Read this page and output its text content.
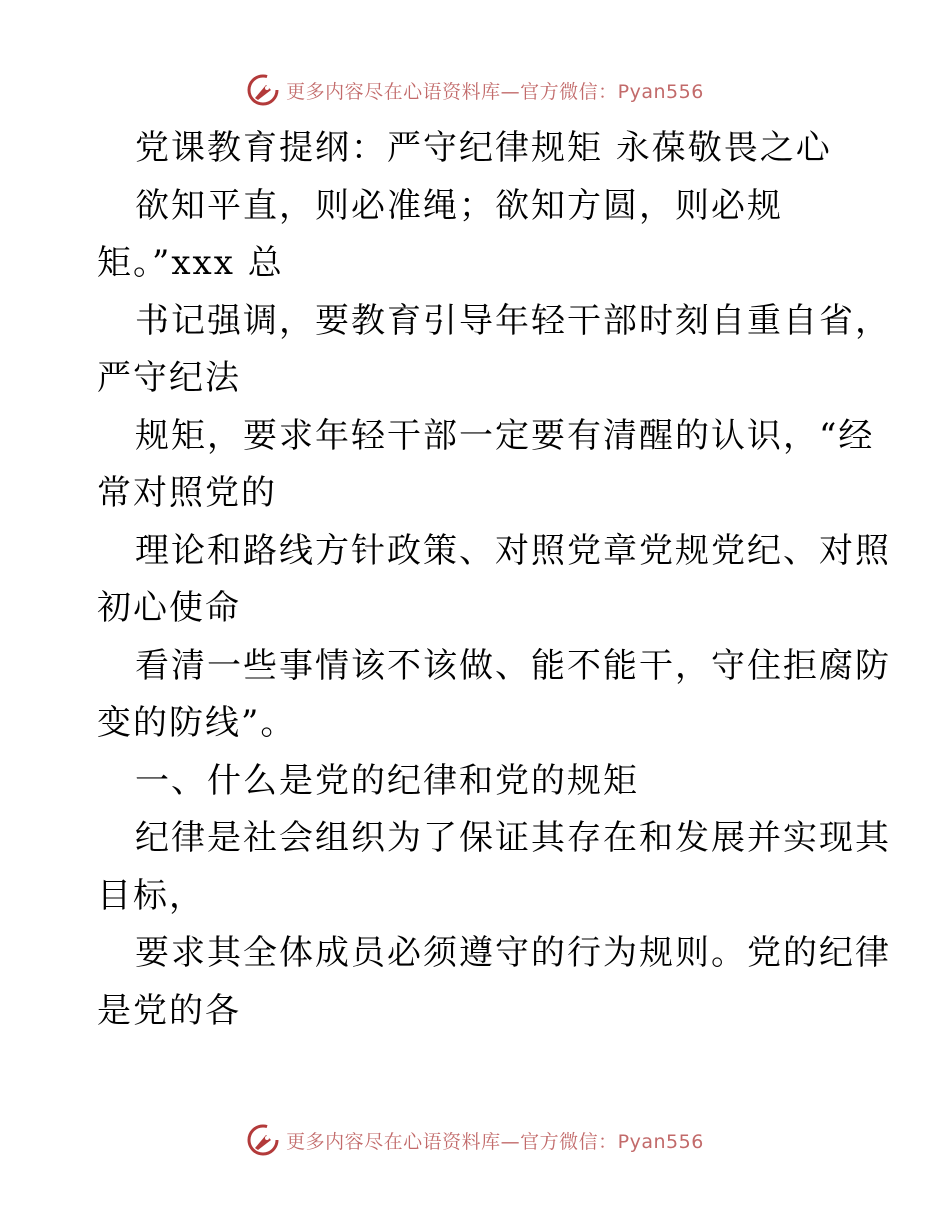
更多内容尽在心语资料库—官方微信：Pyan556
党课教育提纲：严守纪律规矩 永葆敬畏之心
欲知平直，则必准绳；欲知方圆，则必规
矩。”xxx 总
书记强调，要教育引导年轻干部时刻自重自省，
严守纪法
规矩，要求年轻干部一定要有清醒的认识，“经
常对照党的
理论和路线方针政策、对照党章党规党纪、对照
初心使命
看清一些事情该不该做、能不能干，守住拒腐防
变的防线”。
一、什么是党的纪律和党的规矩
纪律是社会组织为了保证其存在和发展并实现其
目标，
要求其全体成员必须遵守的行为规则。党的纪律
是党的各
更多内容尽在心语资料库—官方微信：Pyan556
